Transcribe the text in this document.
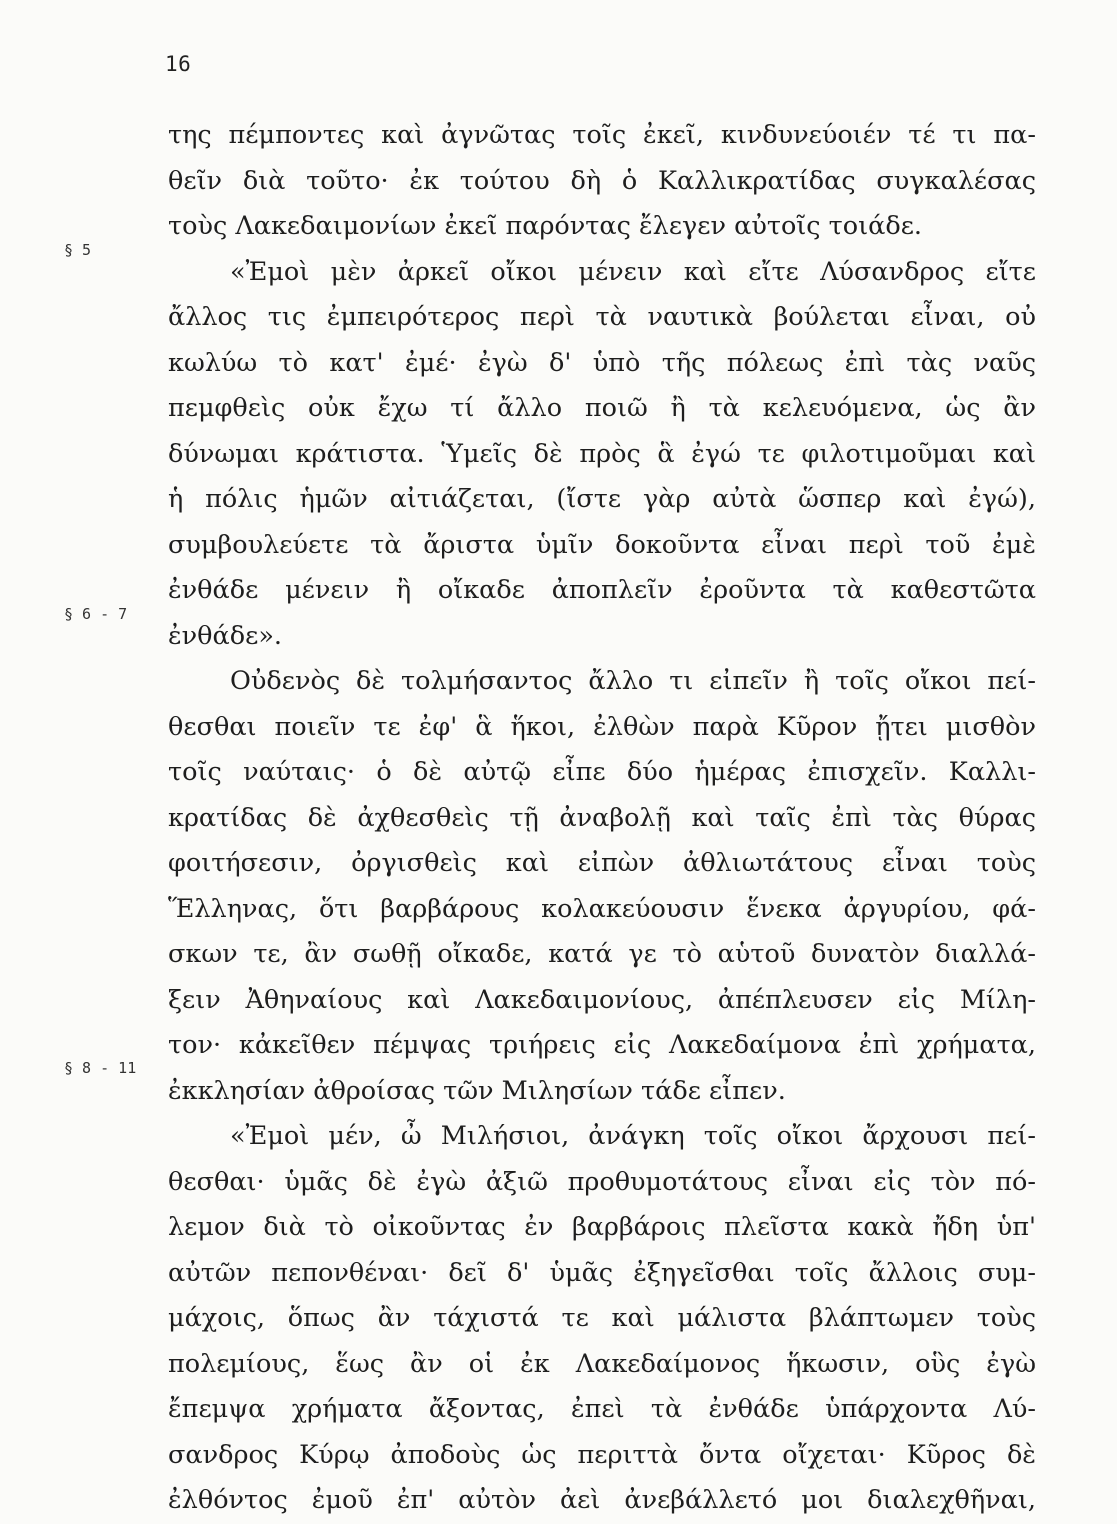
16
§ 5
§ 6 - 7
§ 8 - 11
της πέμποντες καὶ ἀγνῶτας τοῖς ἐκεῖ, κινδυνεύοιέν τέ τι πα-
θεῖν διὰ τοῦτο· ἐκ τούτου δὴ ὁ Καλλικρατίδας συγκαλέσας
τοὺς Λακεδαιμονίων ἐκεῖ παρόντας ἔλεγεν αὐτοῖς τοιάδε.
«Ἐμοὶ μὲν ἀρκεῖ οἴκοι μένειν καὶ εἴτε Λύσανδρος εἴτε
ἄλλος τις ἐμπειρότερος περὶ τὰ ναυτικὰ βούλεται εἶναι, οὐ
κωλύω τὸ κατ' ἐμέ· ἐγὼ δ' ὑπὸ τῆς πόλεως ἐπὶ τὰς ναῦς
πεμφθεὶς οὐκ ἔχω τί ἄλλο ποιῶ ἢ τὰ κελευόμενα, ὡς ἂν
δύνωμαι κράτιστα. Ὑμεῖς δὲ πρὸς ἃ ἐγώ τε φιλοτιμοῦμαι καὶ
ἡ πόλις ἡμῶν αἰτιάζεται, (ἴστε γὰρ αὐτὰ ὥσπερ καὶ ἐγώ),
συμβουλεύετε τὰ ἄριστα ὑμῖν δοκοῦντα εἶναι περὶ τοῦ ἐμὲ
ἐνθάδε μένειν ἢ οἴκαδε ἀποπλεῖν ἐροῦντα τὰ καθεστῶτα
ἐνθάδε».
Οὐδενὸς δὲ τολμήσαντος ἄλλο τι εἰπεῖν ἢ τοῖς οἴκοι πεί-
θεσθαι ποιεῖν τε ἐφ' ἃ ἥκοι, ἐλθὼν παρὰ Κῦρον ᾔτει μισθὸν
τοῖς ναύταις· ὁ δὲ αὐτῷ εἶπε δύο ἡμέρας ἐπισχεῖν. Καλλι-
κρατίδας δὲ ἀχθεσθεὶς τῇ ἀναβολῇ καὶ ταῖς ἐπὶ τὰς θύρας
φοιτήσεσιν, ὀργισθεὶς καὶ εἰπὼν ἀθλιωτάτους εἶναι τοὺς
Ἕλληνας, ὅτι βαρβάρους κολακεύουσιν ἕνεκα ἀργυρίου, φά-
σκων τε, ἂν σωθῇ οἴκαδε, κατά γε τὸ αὑτοῦ δυνατὸν διαλλά-
ξειν Ἀθηναίους καὶ Λακεδαιμονίους, ἀπέπλευσεν εἰς Μίλη-
τον· κἀκεῖθεν πέμψας τριήρεις εἰς Λακεδαίμονα ἐπὶ χρήματα,
ἐκκλησίαν ἀθροίσας τῶν Μιλησίων τάδε εἶπεν.
«Ἐμοὶ μέν, ὦ Μιλήσιοι, ἀνάγκη τοῖς οἴκοι ἄρχουσι πεί-
θεσθαι· ὑμᾶς δὲ ἐγὼ ἀξιῶ προθυμοτάτους εἶναι εἰς τὸν πό-
λεμον διὰ τὸ οἰκοῦντας ἐν βαρβάροις πλεῖστα κακὰ ἤδη ὑπ'
αὐτῶν πεπονθέναι· δεῖ δ' ὑμᾶς ἐξηγεῖσθαι τοῖς ἄλλοις συμ-
μάχοις, ὅπως ἂν τάχιστά τε καὶ μάλιστα βλάπτωμεν τοὺς
πολεμίους, ἕως ἂν οἱ ἐκ Λακεδαίμονος ἥκωσιν, οὓς ἐγὼ
ἔπεμψα χρήματα ἄξοντας, ἐπεὶ τὰ ἐνθάδε ὑπάρχοντα Λύ-
σανδρος Κύρῳ ἀποδοὺς ὡς περιττὰ ὄντα οἴχεται· Κῦρος δὲ
ἐλθόντος ἐμοῦ ἐπ' αὐτὸν ἀεὶ ἀνεβάλλετό μοι διαλεχθῆναι,
